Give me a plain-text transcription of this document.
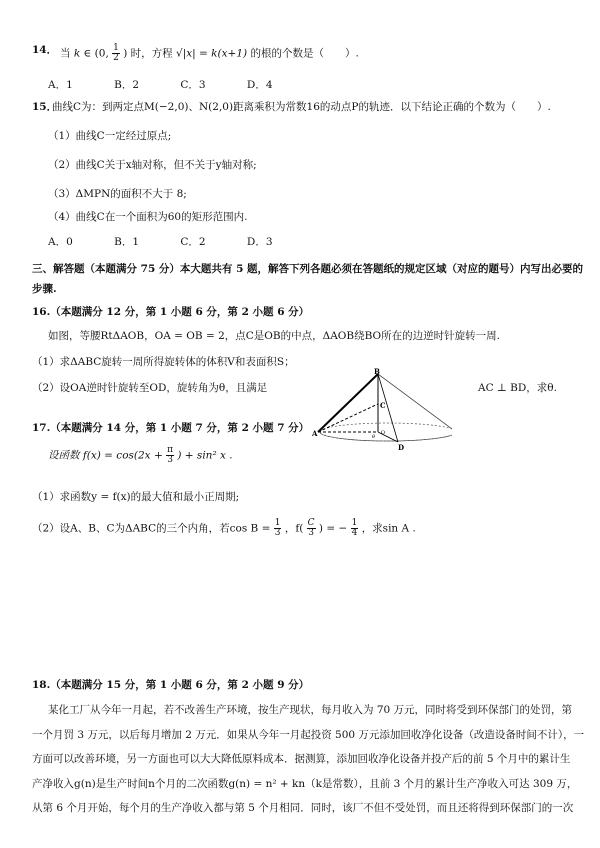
14． 当 k ∈ (0, $\frac{1}{2}$ ) 时，方程 √|x| = k(x+1) 的根的个数是（　　）.
A．1	B．2	C．3	D．4
15．
曲线C为：到两定点M(−2,0)、N(2,0)距离乘积为常数16的动点P的轨迹．以下结论正确的个数为（　　）.
（1）曲线C一定经过原点;
（2）曲线C关于x轴对称，但不关于y轴对称;
（3）ΔMPN的面积不大于 8;
（4）曲线C在一个面积为60的矩形范围内.
A．0	B．1	C．2	D．3
三、解答题（本题满分 75 分）本大题共有 5 题，解答下列各题必须在答题纸的规定区域（对应的题号）内写出必要的
步骤.
16.（本题满分 12 分，第 1 小题 6 分，第 2 小题 6 分）
如图，等腰RtΔAOB，OA = OB = 2，点C是OB的中点，ΔAOB绕BO所在的边逆时针旋转一周.
（1）求ΔABC旋转一周所得旋转体的体积V和表面积S；
（2）设OA逆时针旋转至OD，旋转角为θ，且满足	AC ⊥ BD，求θ.
B
C
A	O
θ
D
17.（本题满分 14 分，第 1 小题 7 分，第 2 小题 7 分）
设函数 $f(x) = \cos(2x + \frac{\pi}{3}$ ) + sin² x .
（1）求函数y = f(x)的最大值和最小正周期;
（2）设A、B、C为ΔABC的三个内角，若$\cos B = \frac{1}{3}$ ，$f( \frac{C}{3}$ ) = − $\frac{1}{4}$ ，求sin A .
18.（本题满分 15 分，第 1 小题 6 分，第 2 小题 9 分）
某化工厂从今年一月起，若不改善生产环境，按生产现状，每月收入为 70 万元，同时将受到环保部门的处罚，第
一个月罚 3 万元，以后每月增加 2 万元．如果从今年一月起投资 500 万元添加回收净化设备（改造设备时间不计），一
方面可以改善环境，另一方面也可以大大降低原料成本．据测算，添加回收净化设备并投产后的前 5 个月中的累计生
产净收入g(n)是生产时间n个月的二次函数g(n) = n² + kn（k是常数），且前 3 个月的累计生产净收入可达 309 万，
从第 6 个月开始，每个月的生产净收入都与第 5 个月相同．同时，该厂不但不受处罚，而且还将得到环保部门的一次
